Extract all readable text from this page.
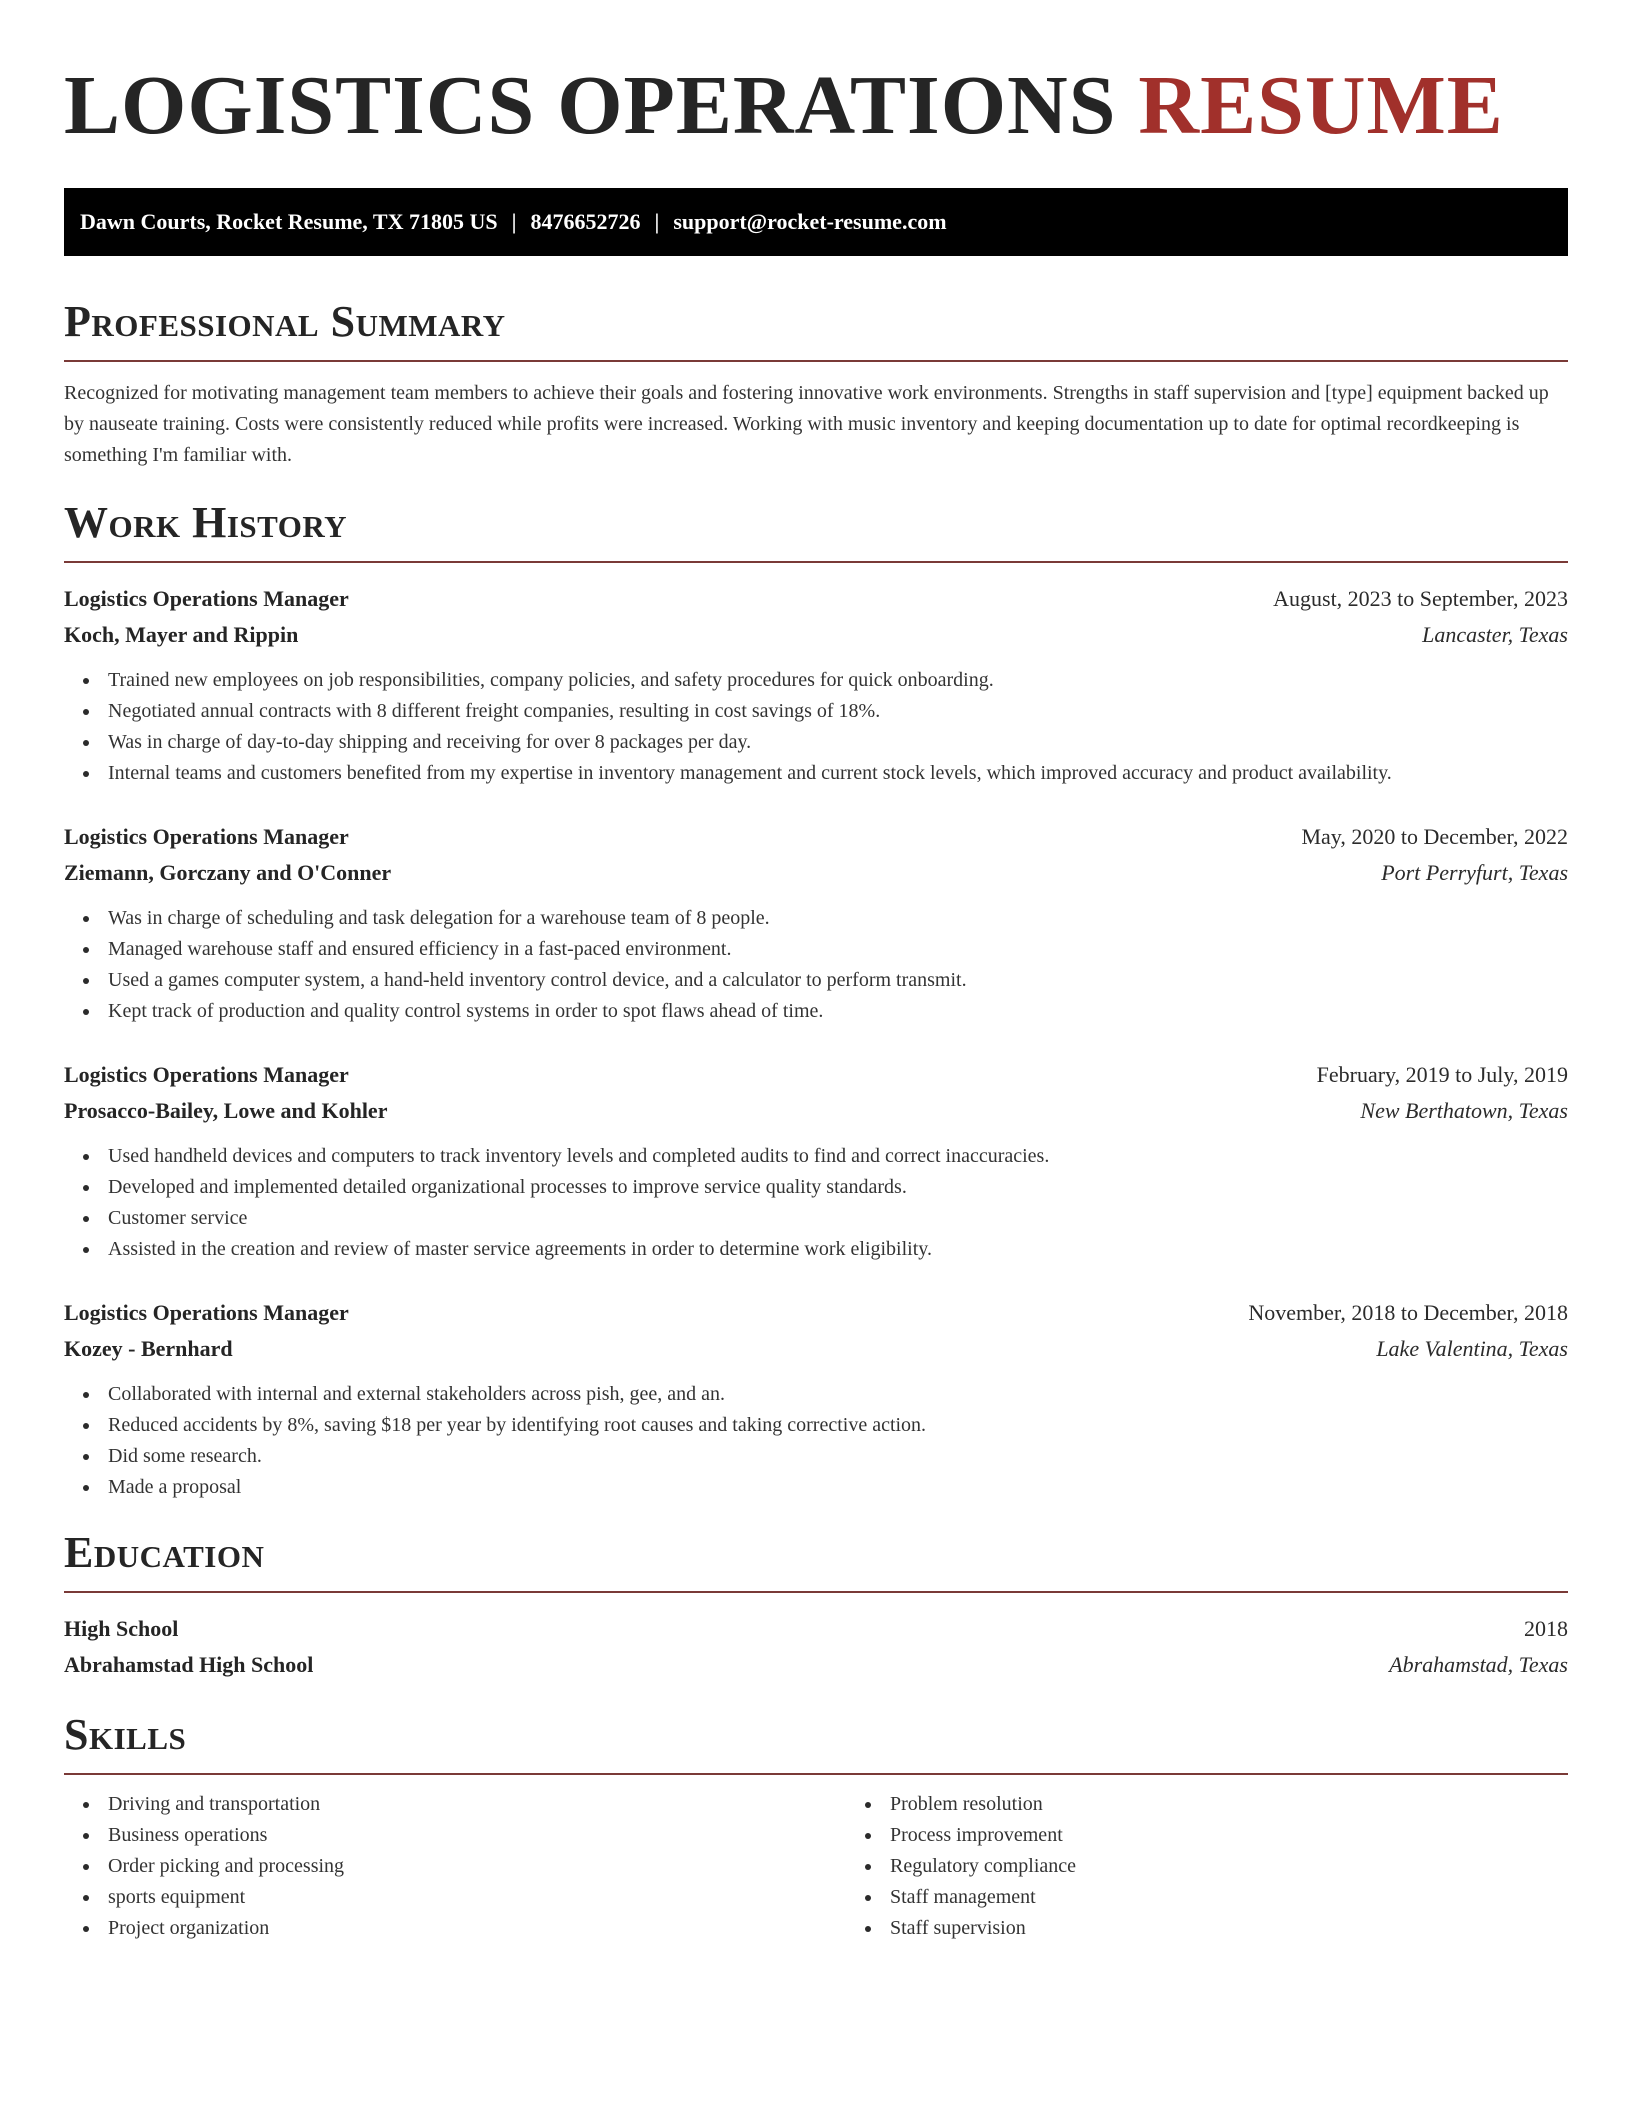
LOGISTICS OPERATIONS RESUME
Dawn Courts, Rocket Resume, TX 71805 US | 8476652726 | support@rocket-resume.com
Professional Summary

Recognized for motivating management team members to achieve their goals and fostering innovative work environments. Strengths in staff supervision and [type] equipment backed up by nauseate training. Costs were consistently reduced while profits were increased. Working with music inventory and keeping documentation up to date for optimal recordkeeping is something I'm familiar with.

Work History
Logistics Operations Manager	August, 2023 to September, 2023
Koch, Mayer and Rippin	Lancaster, Texas
Trained new employees on job responsibilities, company policies, and safety procedures for quick onboarding.
Negotiated annual contracts with 8 different freight companies, resulting in cost savings of 18%.
Was in charge of day-to-day shipping and receiving for over 8 packages per day.
Internal teams and customers benefited from my expertise in inventory management and current stock levels, which improved accuracy and product availability.
Logistics Operations Manager	May, 2020 to December, 2022
Ziemann, Gorczany and O'Conner	Port Perryfurt, Texas
Was in charge of scheduling and task delegation for a warehouse team of 8 people.
Managed warehouse staff and ensured efficiency in a fast-paced environment.
Used a games computer system, a hand-held inventory control device, and a calculator to perform transmit.
Kept track of production and quality control systems in order to spot flaws ahead of time.
Logistics Operations Manager	February, 2019 to July, 2019
Prosacco-Bailey, Lowe and Kohler	New Berthatown, Texas
Used handheld devices and computers to track inventory levels and completed audits to find and correct inaccuracies.
Developed and implemented detailed organizational processes to improve service quality standards.
Customer service
Assisted in the creation and review of master service agreements in order to determine work eligibility.
Logistics Operations Manager	November, 2018 to December, 2018
Kozey - Bernhard	Lake Valentina, Texas
Collaborated with internal and external stakeholders across pish, gee, and an.
Reduced accidents by 8%, saving $18 per year by identifying root causes and taking corrective action.
Did some research.
Made a proposal
Education
High School	2018
Abrahamstad High School	Abrahamstad, Texas
Skills
Driving and transportation
Business operations
Order picking and processing
sports equipment
Project organization
Problem resolution
Process improvement
Regulatory compliance
Staff management
Staff supervision
